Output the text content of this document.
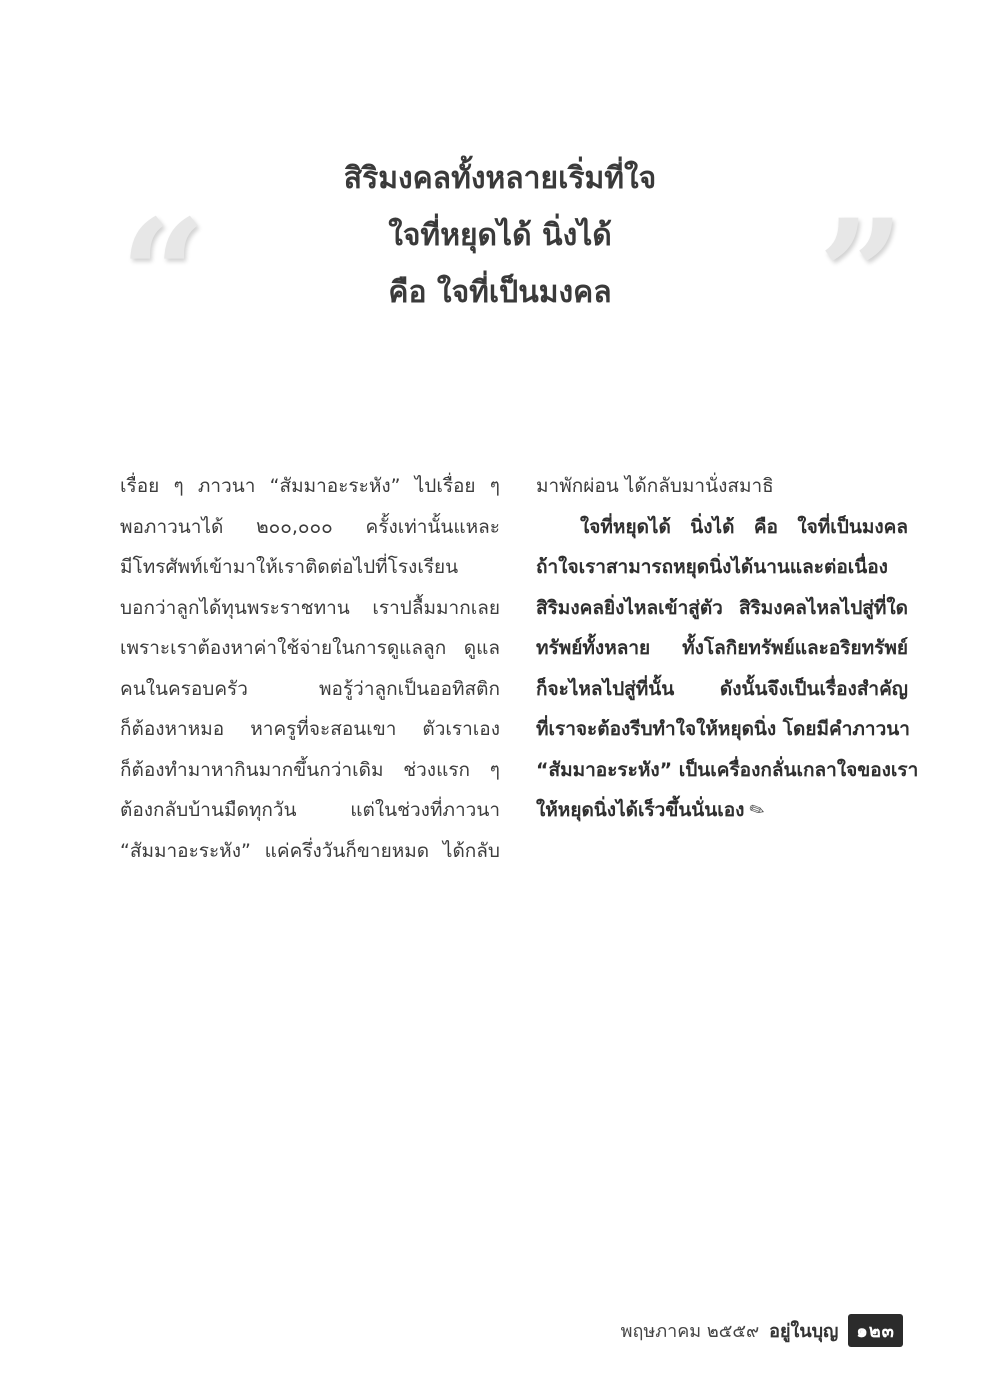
“	”
สิริมงคลทั้งหลายเริ่มที่ใจ
ใจที่หยุดได้ นิ่งได้
คือ ใจที่เป็นมงคล
เรื่อย ๆ ภาวนา “สัมมาอะระหัง” ไปเรื่อย ๆ
พอภาวนาได้ ๒๐๐,๐๐๐ ครั้งเท่านั้นแหละ
มีโทรศัพท์เข้ามาให้เราติดต่อไปที่โรงเรียน
บอกว่าลูกได้ทุนพระราชทาน เราปลื้มมากเลย
เพราะเราต้องหาค่าใช้จ่ายในการดูแลลูก ดูแล
คนในครอบครัว พอรู้ว่าลูกเป็นออทิสติก
ก็ต้องหาหมอ หาครูที่จะสอนเขา ตัวเราเอง
ก็ต้องทำมาหากินมากขึ้นกว่าเดิม ช่วงแรก ๆ
ต้องกลับบ้านมืดทุกวัน แต่ในช่วงที่ภาวนา
“สัมมาอะระหัง” แค่ครึ่งวันก็ขายหมด ได้กลับ
มาพักผ่อน ได้กลับมานั่งสมาธิ
ใจที่หยุดได้ นิ่งได้ คือ ใจที่เป็นมงคล
ถ้าใจเราสามารถหยุดนิ่งได้นานและต่อเนื่อง
สิริมงคลยิ่งไหลเข้าสู่ตัว สิริมงคลไหลไปสู่ที่ใด
ทรัพย์ทั้งหลาย ทั้งโลกิยทรัพย์และอริยทรัพย์
ก็จะไหลไปสู่ที่นั้น ดังนั้นจึงเป็นเรื่องสำคัญ
ที่เราจะต้องรีบทำใจให้หยุดนิ่ง โดยมีคำภาวนา
“สัมมาอะระหัง” เป็นเครื่องกลั่นเกลาใจของเรา
ให้หยุดนิ่งได้เร็วขึ้นนั่นเอง ✎
พฤษภาคม ๒๕๕๙ อยู่ในบุญ	๑๒๓
